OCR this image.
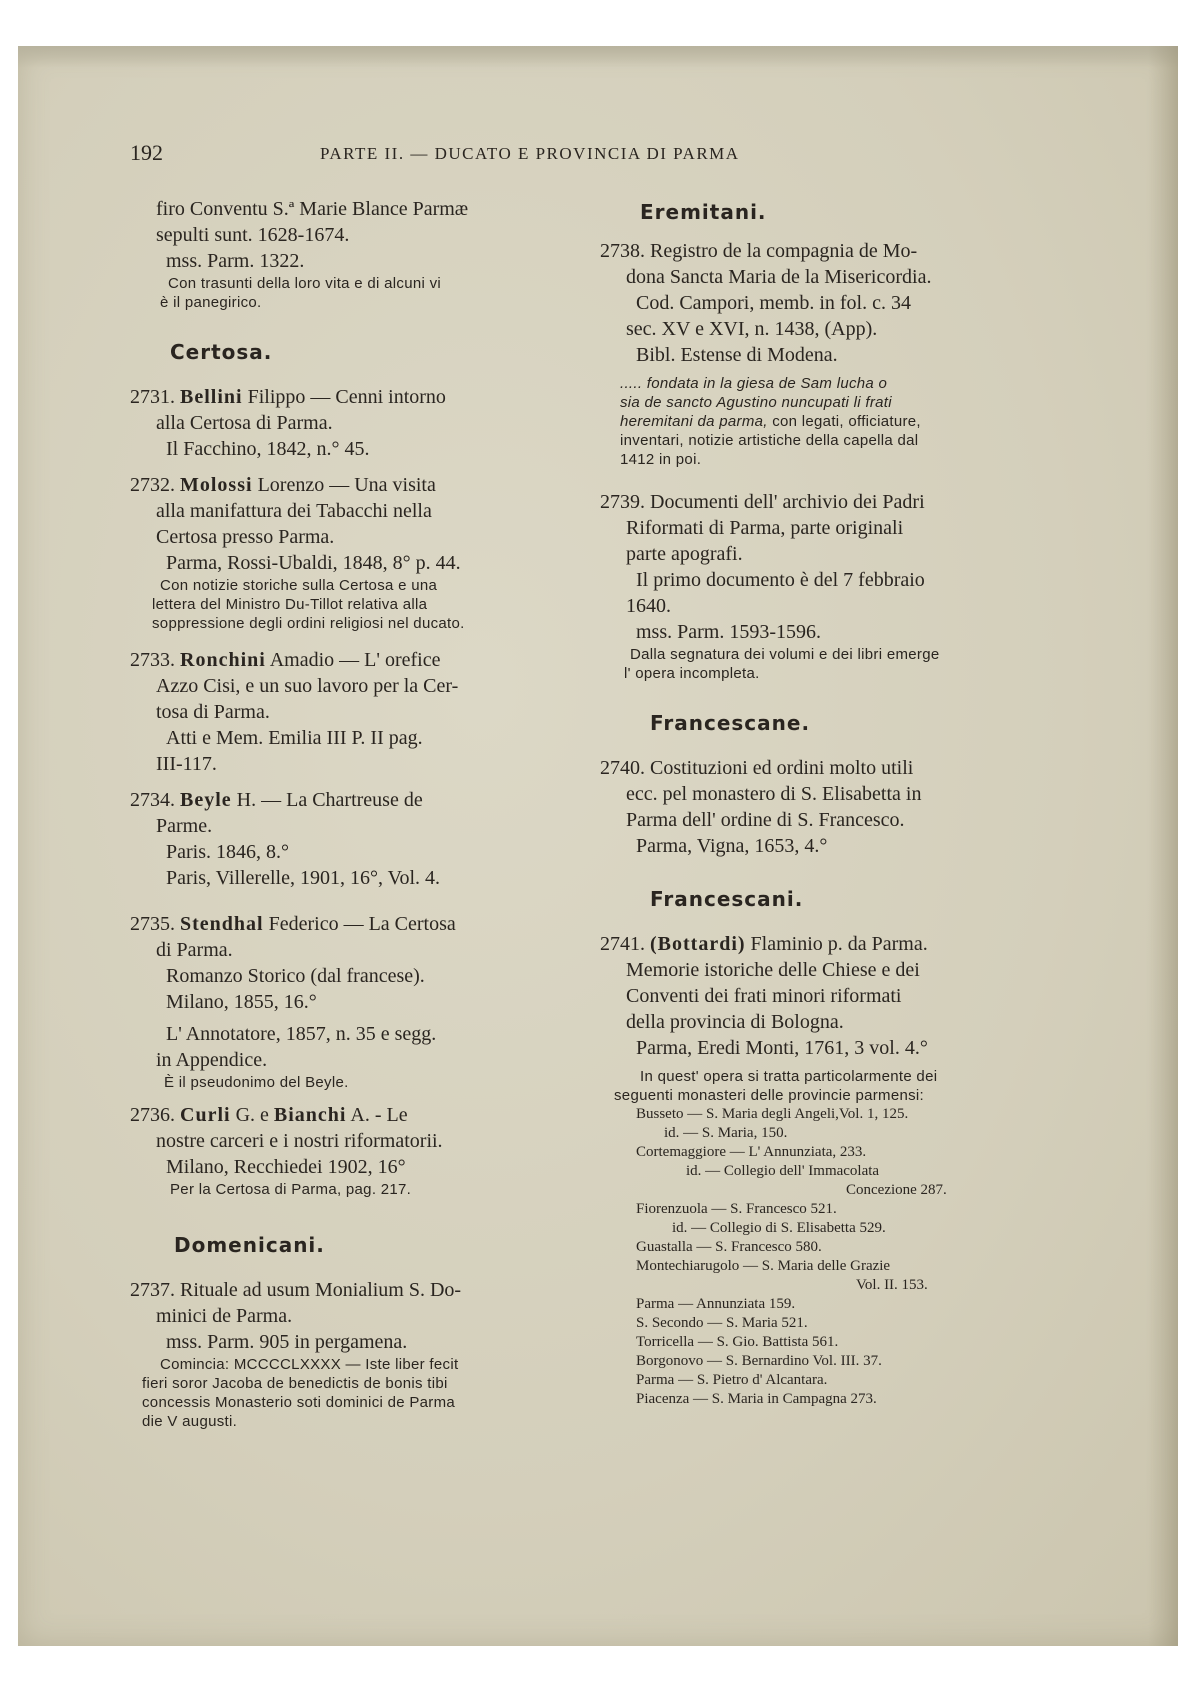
192	PARTE II. — DUCATO E PROVINCIA DI PARMA
firo Conventu S.ª Marie Blance Parmæ
sepulti sunt. 1628-1674.
mss. Parm. 1322.
Con trasunti della loro vita e di alcuni vi
è il panegirico.
Certosa.
2731. Bellini Filippo — Cenni intorno
alla Certosa di Parma.
Il Facchino, 1842, n.° 45.
2732. Molossi Lorenzo — Una visita
alla manifattura dei Tabacchi nella
Certosa presso Parma.
Parma, Rossi-Ubaldi, 1848, 8° p. 44.
Con notizie storiche sulla Certosa e una
lettera del Ministro Du-Tillot relativa alla
soppressione degli ordini religiosi nel ducato.
2733. Ronchini Amadio — L' orefice
Azzo Cisi, e un suo lavoro per la Cer-
tosa di Parma.
Atti e Mem. Emilia III P. II pag.
III-117.
2734. Beyle H. — La Chartreuse de
Parme.
Paris. 1846, 8.°
Paris, Villerelle, 1901, 16°, Vol. 4.
2735. Stendhal Federico — La Certosa
di Parma.
Romanzo Storico (dal francese).
Milano, 1855, 16.°
L' Annotatore, 1857, n. 35 e segg.
in Appendice.
È il pseudonimo del Beyle.
2736. Curli G. e Bianchi A. - Le
nostre carceri e i nostri riformatorii.
Milano, Recchiedei 1902, 16°
Per la Certosa di Parma, pag. 217.
Domenicani.
2737. Rituale ad usum Monialium S. Do-
minici de Parma.
mss. Parm. 905 in pergamena.
Comincia: MCCCCLXXXX — Iste liber fecit
fieri soror Jacoba de benedictis de bonis tibi
concessis Monasterio soti dominici de Parma
die V augusti.
Eremitani.
2738. Registro de la compagnia de Mo-
dona Sancta Maria de la Misericordia.
Cod. Campori, memb. in fol. c. 34
sec. XV e XVI, n. 1438, (App).
Bibl. Estense di Modena.
..... fondata in la giesa de Sam lucha o
sia de sancto Agustino nuncupati li frati
heremitani da parma, con legati, officiature,
inventari, notizie artistiche della capella dal
1412 in poi.
2739. Documenti dell' archivio dei Padri
Riformati di Parma, parte originali
parte apografi.
Il primo documento è del 7 febbraio
1640.
mss. Parm. 1593-1596.
Dalla segnatura dei volumi e dei libri emerge
l' opera incompleta.
Francescane.
2740. Costituzioni ed ordini molto utili
ecc. pel monastero di S. Elisabetta in
Parma dell' ordine di S. Francesco.
Parma, Vigna, 1653, 4.°
Francescani.
2741. (Bottardi) Flaminio p. da Parma.
Memorie istoriche delle Chiese e dei
Conventi dei frati minori riformati
della provincia di Bologna.
Parma, Eredi Monti, 1761, 3 vol. 4.°
In quest' opera si tratta particolarmente dei
seguenti monasteri delle provincie parmensi:
Busseto — S. Maria degli Angeli,Vol. 1, 125.
id. — S. Maria, 150.
Cortemaggiore — L' Annunziata, 233.
id. — Collegio dell' Immacolata
Concezione 287.
Fiorenzuola — S. Francesco 521.
id. — Collegio di S. Elisabetta 529.
Guastalla — S. Francesco 580.
Montechiarugolo — S. Maria delle Grazie
Vol. II. 153.
Parma — Annunziata 159.
S. Secondo — S. Maria 521.
Torricella — S. Gio. Battista 561.
Borgonovo — S. Bernardino Vol. III. 37.
Parma — S. Pietro d' Alcantara.
Piacenza — S. Maria in Campagna 273.
